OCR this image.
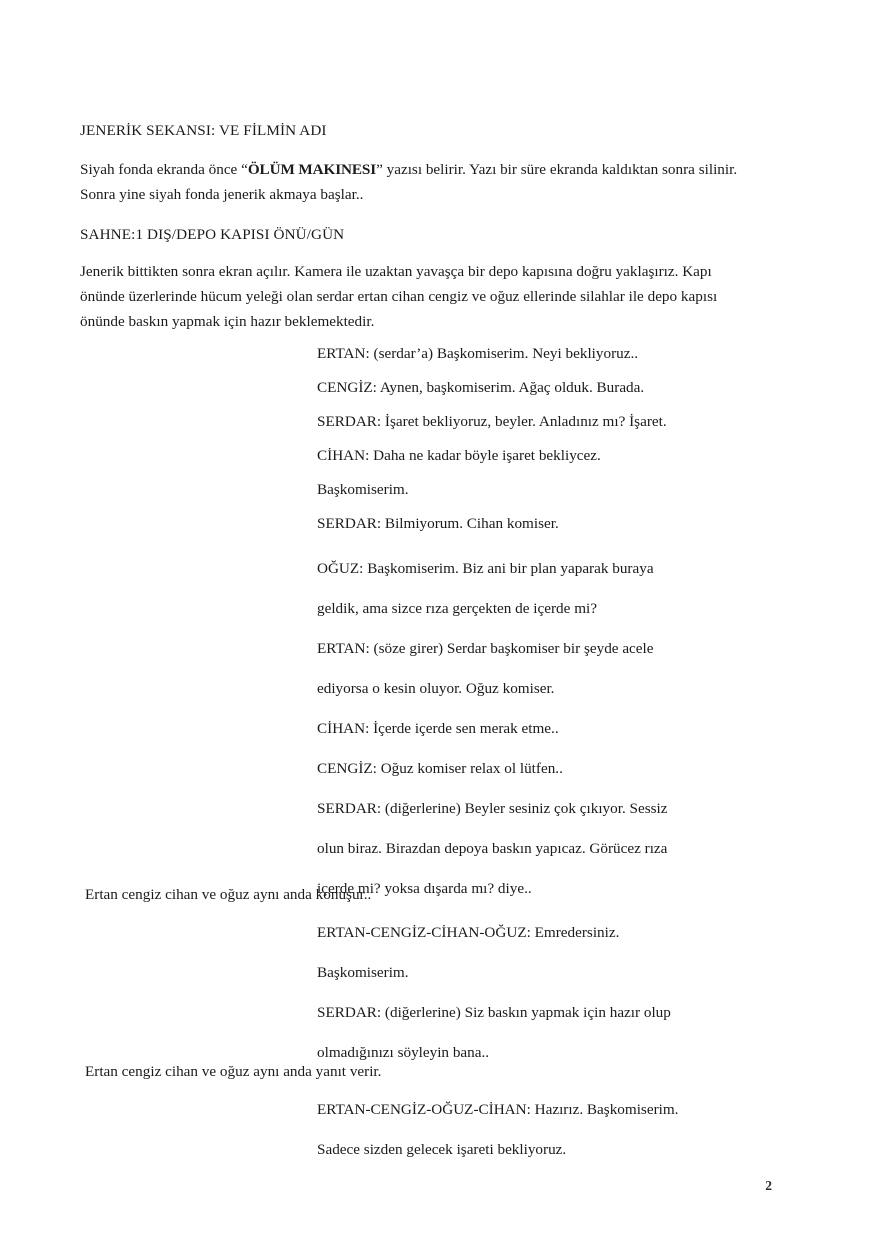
JENERİK SEKANSI: VE FİLMİN ADI
Siyah fonda ekranda önce “ÖLÜM MAKINESI” yazısı belirir. Yazı bir süre ekranda kaldıktan sonra silinir. Sonra yine siyah fonda jenerik akmaya başlar..
SAHNE:1 DIŞ/DEPO KAPISI ÖNÜ/GÜN
Jenerik bittikten sonra ekran açılır. Kamera ile uzaktan yavaşça bir depo kapısına doğru yaklaşırız. Kapı önünde üzerlerinde hücum yeleği olan serdar ertan cihan cengiz ve oğuz ellerinde silahlar ile depo kapısı önünde baskın yapmak için hazır beklemektedir.
ERTAN: (serdar’a) Başkomiserim. Neyi bekliyoruz..
CENGİZ: Aynen, başkomiserim. Ağaç olduk. Burada.
SERDAR: İşaret bekliyoruz, beyler. Anladınız mı? İşaret.
CİHAN: Daha ne kadar böyle işaret bekliycez.
Başkomiserim.
SERDAR: Bilmiyorum. Cihan komiser.
OĞUZ: Başkomiserim. Biz ani bir plan yaparak buraya
geldik, ama sizce rıza gerçekten de içerde mi?
ERTAN: (söze girer) Serdar başkomiser bir şeyde acele
ediyorsa o kesin oluyor. Oğuz komiser.
CİHAN: İçerde içerde sen merak etme..
CENGİZ: Oğuz komiser relax ol lütfen..
SERDAR: (diğerlerine) Beyler sesiniz çok çıkıyor. Sessiz
olun biraz. Birazdan depoya baskın yapıcaz. Görücez rıza
içerde mi? yoksa dışarda mı? diye..
Ertan cengiz cihan ve oğuz aynı anda konuşur..
ERTAN-CENGİZ-CİHAN-OĞUZ: Emredersiniz.
Başkomiserim.
SERDAR: (diğerlerine) Siz baskın yapmak için hazır olup
olmadığınızı söyleyin bana..
Ertan cengiz cihan ve oğuz aynı anda yanıt verir.
ERTAN-CENGİZ-OĞUZ-CİHAN: Hazırız. Başkomiserim.
Sadece sizden gelecek işareti bekliyoruz.
2
